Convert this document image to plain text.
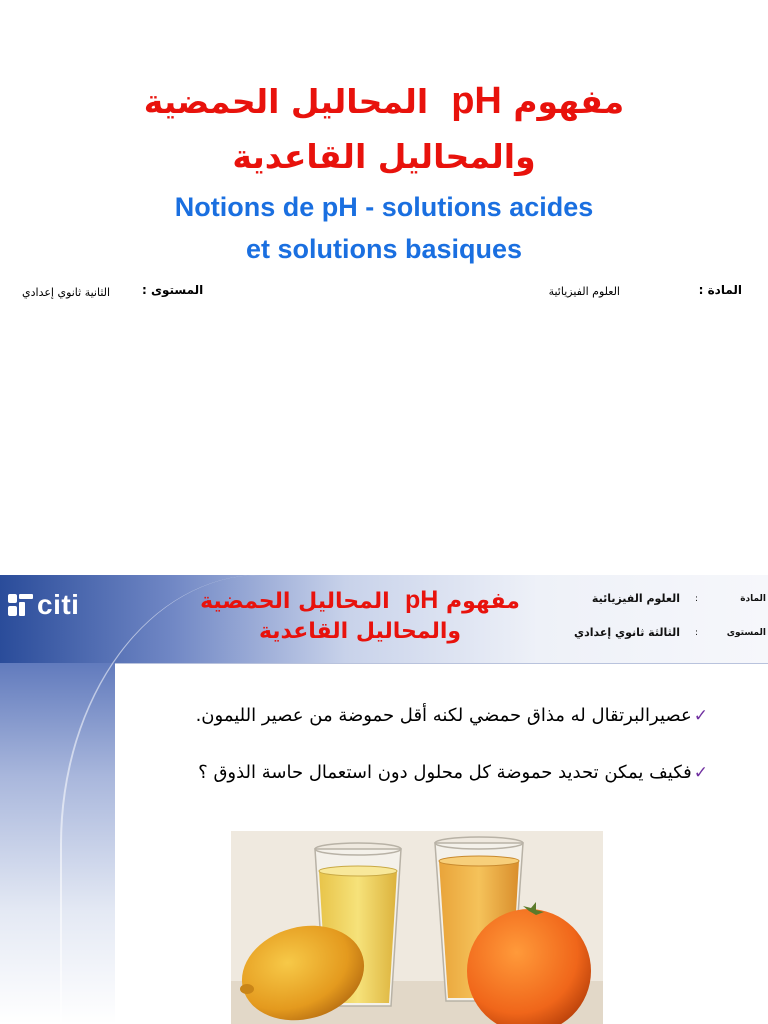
مفهوم pH  المحاليل الحمضية
والمحاليل القاعدية
Notions de pH - solutions acides
et solutions basiques
المادة :
العلوم الفيزيائية
المستوى :
الثانية ثانوي إعدادي
citi	مفهوم pH  المحاليل الحمضية
والمحاليل القاعدية
المادة
:
العلوم الفيزيائية
المستوى
:
الثالثة ثانوي إعدادي
✓عصيرالبرتقال له مذاق حمضي لكنه أقل حموضة من عصير الليمون.
✓فكيف يمكن تحديد حموضة كل محلول دون استعمال حاسة الذوق ؟
